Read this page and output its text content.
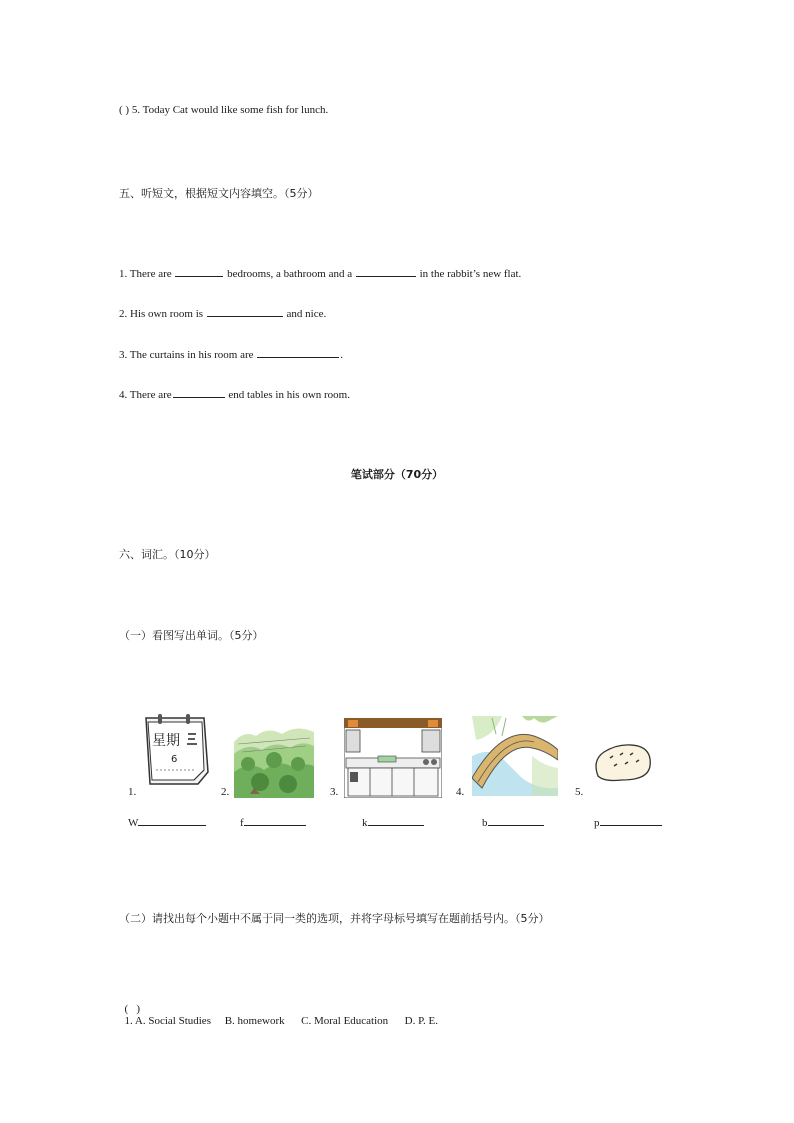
( ) 5. Today Cat would like some fish for lunch.
五、听短文，根据短文内容填空。（5分）
1. There are	bedrooms, a bathroom and a	in the rabbit’s new flat.
2. His own room is	and nice.
3. The curtains in his room are	.
4. There are	end tables in his own room.
笔试部分（70分）
六、词汇。（10分）
（一）看图写出单词。（5分）
星期
6
1.	2.	3.	4.	5.
W	f	k	b	p
（二）请找出每个小题中不属于同一类的选项，并将字母标号填写在题前括号内。（5分）

(   )
1. A. Social Studies     B. homework      C. Moral Education      D. P. E.
